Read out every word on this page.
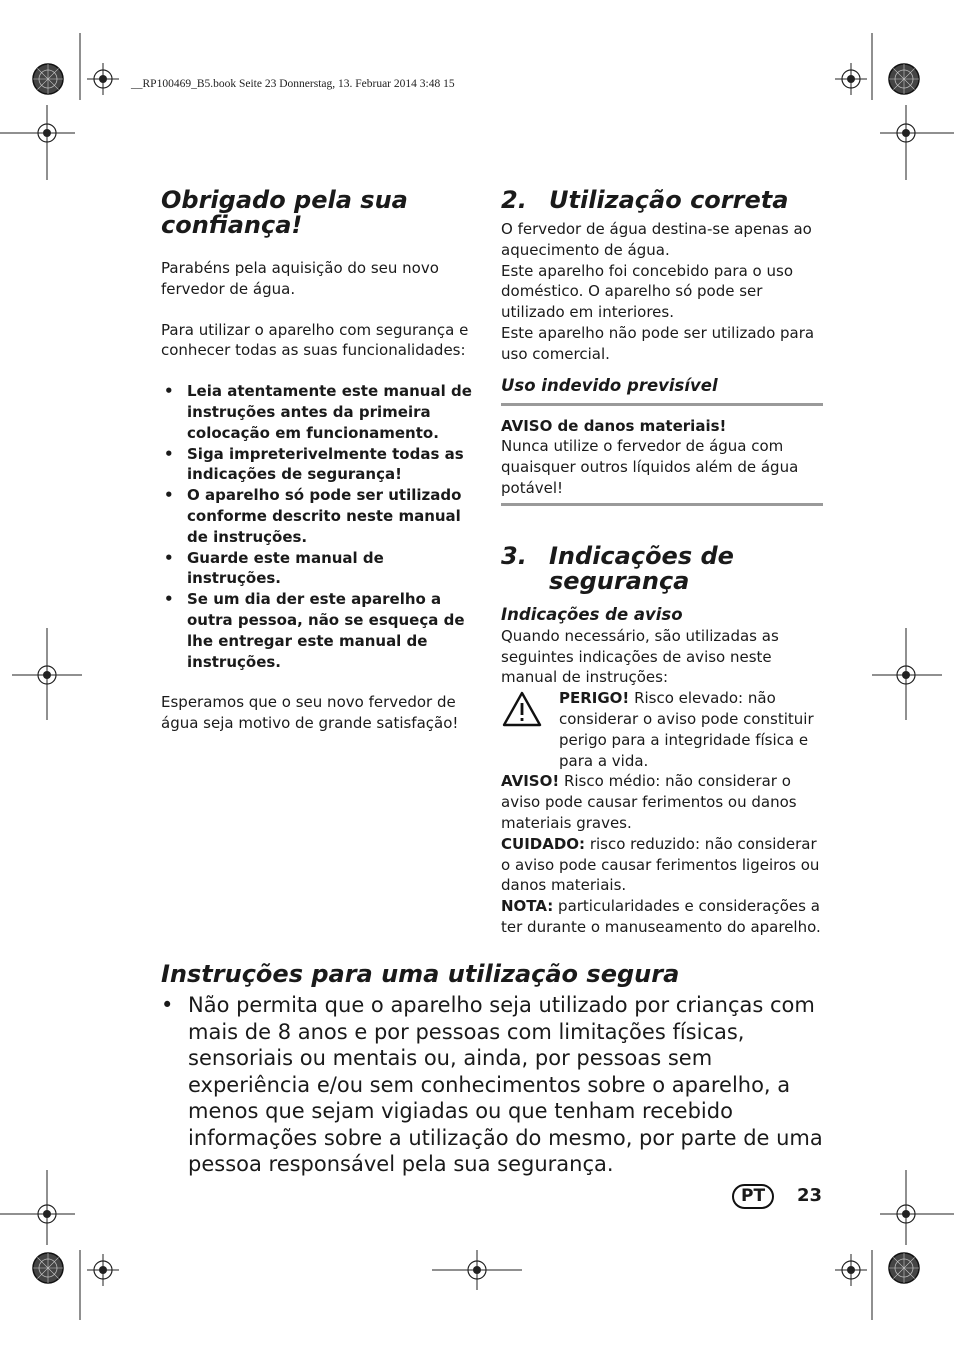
__RP100469_B5.book Seite 23 Donnerstag, 13. Februar 2014 3:48 15
Obrigado pela sua
confiança!

Parabéns pela aquisição do seu novo fervedor de água.

Para utilizar o aparelho com segurança e conhecer todas as suas funcionalidades:

• Leia atentamente este manual de instruções antes da primeira colocação em funcionamento.
• Siga impreterivelmente todas as indicações de segurança!
• O aparelho só pode ser utilizado conforme descrito neste manual de instruções.
• Guarde este manual de instruções.
• Se um dia der este aparelho a outra pessoa, não se esqueça de lhe entregar este manual de instruções.

Esperamos que o seu novo fervedor de água seja motivo de grande satisfação!

2. Utilização correta

O fervedor de água destina-se apenas ao aquecimento de água.

Este aparelho foi concebido para o uso doméstico. O aparelho só pode ser utilizado em interiores.

Este aparelho não pode ser utilizado para uso comercial.

Uso indevido previsível

AVISO de danos materiais!

Nunca utilize o fervedor de água com quaisquer outros líquidos além de água potável!

3. Indicações de
segurança

Indicações de aviso

Quando necessário, são utilizadas as seguintes indicações de aviso neste manual de instruções:

PERIGO! Risco elevado: não considerar o aviso pode constituir perigo para a integridade física e para a vida.

AVISO! Risco médio: não considerar o aviso pode causar ferimentos ou danos materiais graves.

CUIDADO: risco reduzido: não considerar o aviso pode causar ferimentos ligeiros ou danos materiais.

NOTA: particularidades e considerações a ter durante o manuseamento do aparelho.

Instruções para uma utilização segura
• Não permita que o aparelho seja utilizado por crianças com mais de 8 anos e por pessoas com limitações físicas, sensoriais ou mentais ou, ainda, por pessoas sem experiência e/ou sem conhecimentos sobre o aparelho, a menos que sejam vigiadas ou que tenham recebido informações sobre a utilização do mesmo, por parte de uma pessoa responsável pela sua segurança.
PT	23
